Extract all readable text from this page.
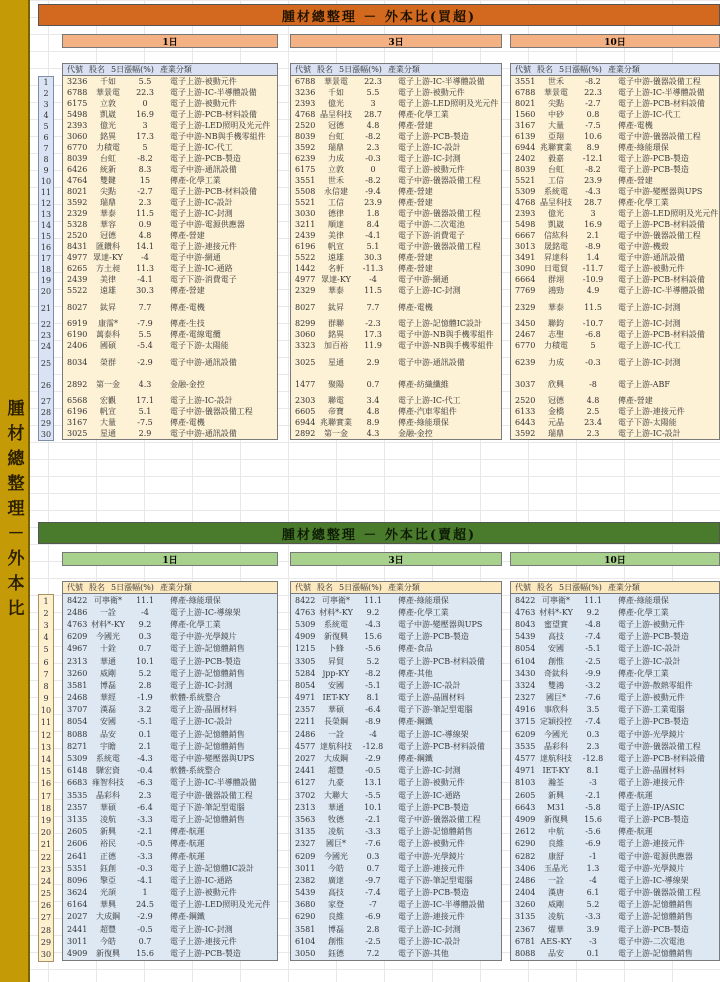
腫材總整理－外本比
腫材總整理 － 外本比(買超)
腫材總整理 － 外本比(賣超)
1日	3日	10日
1
2
3
4
5
6
7
8
9
10
11
12
13
14
15
16
17
18
19
20
21
22
23
24
25
26
27
28
29
30
代號 股名 5日漲幅(%) 產業分類
3236	千如	5.5	電子上游-被動元件
6788	華景電	22.3	電子上游-IC-半導體設備
6175	立敦	0	電子上游-被動元件
5498	凱崴	16.9	電子上游-PCB-材料設備
2393	億光	3	電子上游-LED照明及光元件
3060	銘異	17.3	電子中游-NB與手機零組件
6770	力積電	5	電子上游-IC-代工
8039	台虹	-8.2	電子上游-PCB-製造
6426	統新	8.3	電子中游-通訊設備
4764	雙鍵	15	傳產-化學工業
8021	尖點	-2.7	電子上游-PCB-材料設備
3592	瑞鼎	2.3	電子上游-IC-設計
2329	華泰	11.5	電子上游-IC-封測
5328	華容	0.9	電子中游-電源供應器
2520	冠德	4.8	傳產-營建
8431	匯鑽科	14.1	電子上游-連接元件
4977 眾達-KY	-4	電子中游-網通
6265	方土昶	11.3	電子上游-IC-通路
2439	美律	-4.1	電子下游-消費電子
5522	遠雄	30.3	傳產-營建
8027	鈦昇	7.7	傳產-電機
6919	康霈*	-7.9	傳產-生技
6190	萬泰科	5.5	傳產-電線電纜
2406	國碩	-5.4	電子下游-太陽能
8034	榮群	-2.9	電子中游-通訊設備
2892	第一金	4.3	金融-金控
6568	宏觀	17.1	電子上游-IC-設計
6196	帆宣	5.1	電子中游-儀器設備工程
3167	大量	-7.5	傳產-電機
3025	星通	2.9	電子中游-通訊設備
代號 股名 5日漲幅(%) 產業分類
6788	華景電	22.3	電子上游-IC-半導體設備
3236	千如	5.5	電子上游-被動元件
2393	億光	3	電子上游-LED照明及光元件
4768 晶呈科技	28.7	傳產-化學工業
2520	冠德	4.8	傳產-營建
8039	台虹	-8.2	電子上游-PCB-製造
3592	瑞鼎	2.3	電子上游-IC-設計
6239	力成	-0.3	電子上游-IC-封測
6175	立敦	0	電子上游-被動元件
3551	世禾	-8.2	電子中游-儀器設備工程
5508	永信建	-9.4	傳產-營建
5521	工信	23.9	傳產-營建
3030	德律	1.8	電子中游-儀器設備工程
3211	順達	8.4	電子中游-二次電池
2439	美律	-4.1	電子下游-消費電子
6196	帆宣	5.1	電子中游-儀器設備工程
5522	遠雄	30.3	傳產-營建
1442	名軒	-11.3	傳產-營建
4977 眾達-KY	-4	電子中游-網通
2329	華泰	11.5	電子上游-IC-封測
8027	鈦昇	7.7	傳產-電機
8299	群聯	-2.3	電子上游-記憶體IC設計
3060	銘異	17.3	電子中游-NB與手機零組件
3323	加百裕	11.9	電子中游-NB與手機零組件
3025	星通	2.9	電子中游-通訊設備
1477	聚陽	0.7	傳產-紡織纖維
2303	聯電	3.4	電子上游-IC-代工
6605	帝寶	4.8	傳產-汽車零組件
6944 兆聯實業	8.9	傳產-綠能環保
2892	第一金	4.3	金融-金控
代號 股名 5日漲幅(%) 產業分類
3551	世禾	-8.2	電子中游-儀器設備工程
6788	華景電	22.3	電子上游-IC-半導體設備
8021	尖點	-2.7	電子上游-PCB-材料設備
1560	中砂	0.8	電子上游-IC-代工
3167	大量	-7.5	傳產-電機
6139	亞翔	10.6	電子中游-儀器設備工程
6944 兆聯實業	8.9	傳產-綠能環保
2402	毅嘉	-12.1	電子上游-PCB-製造
8039	台虹	-8.2	電子上游-PCB-製造
5521	工信	23.9	傳產-營建
5309	系統電	-4.3	電子中游-變壓器與UPS
4768 晶呈科技	28.7	傳產-化學工業
2393	億光	3	電子上游-LED照明及光元件
5498	凱崴	16.9	電子上游-PCB-材料設備
6667	信紘科	2.1	電子中游-儀器設備工程
3013	晟銘電	-8.9	電子中游-機殼
3491	昇達科	1.4	電子中游-通訊設備
3090	日電貿	-11.7	電子上游-被動元件
6664	群翊	-10.9	電子上游-PCB-材料設備
7769	鴻勁	4.9	電子上游-IC-半導體設備
2329	華泰	11.5	電子上游-IC-封測
3450	聯鈞	-10.7	電子上游-IC-封測
2467	志聖	-6.8	電子上游-PCB-材料設備
6770	力積電	5	電子上游-IC-代工
6239	力成	-0.3	電子上游-IC-封測
3037	欣興	-8	電子上游-ABF
2520	冠德	4.8	傳產-營建
6133	金橋	2.5	電子上游-連接元件
6443	元晶	23.4	電子下游-太陽能
3592	瑞鼎	2.3	電子上游-IC-設計
1日	3日	10日
1
2
3
4
5
6
7
8
9
10
11
12
13
14
15
16
17
18
19
20
21
22
23
24
25
26
27
28
29
30
代號 股名 5日漲幅(%) 產業分類
8422 可寧衛*	11.1	傳產-綠能環保
2486	一詮	-4	電子上游-IC-導線架
4763 材料*-KY	9.2	傳產-化學工業
6209	今國光	0.3	電子中游-光學鏡片
4967	十銓	0.7	電子上游-記憶體銷售
2313	華通	10.1	電子上游-PCB-製造
3260	威剛	5.2	電子上游-記憶體銷售
3581	博磊	2.8	電子上游-IC-封測
2468	華經	-1.9	軟體-系統整合
3707	漢磊	3.2	電子上游-晶圓材料
8054	安國	-5.1	電子上游-IC-設計
8088	品安	0.1	電子上游-記憶體銷售
8271	宇瞻	2.1	電子上游-記憶體銷售
5309	系統電	-4.3	電子中游-變壓器與UPS
6148	驊宏資	-0.4	軟體-系統整合
6683 雍智科技	-6.3	電子上游-IC-半導體設備
3535	晶彩科	2.3	電子中游-儀器設備工程
2357	華碩	-6.4	電子下游-筆記型電腦
3135	凌航	-3.3	電子上游-記憶體銷售
2605	新興	-2.1	傳產-航運
2606	裕民	-0.5	傳產-航運
2641	正德	-3.3	傳產-航運
5351	鈺創	-0.3	電子上游-記憶體IC設計
8096	擎亞	-4.1	電子上游-IC-通路
3624	光頡	1	電子上游-被動元件
6164	華興	24.5	電子上游-LED照明及光元件
2027	大成鋼	-2.9	傳產-鋼鐵
2441	超豐	-0.5	電子上游-IC-封測
3011	今皓	0.7	電子上游-連接元件
4909	新復興	15.6	電子上游-PCB-製造
代號 股名 5日漲幅(%) 產業分類
8422 可寧衛*	11.1	傳產-綠能環保
4763 材料*-KY	9.2	傳產-化學工業
5309	系統電	-4.3	電子中游-變壓器與UPS
4909	新復興	15.6	電子上游-PCB-製造
1215	卜蜂	-5.6	傳產-食品
3305	昇貿	5.2	電子上游-PCB-材料設備
5284 jpp-KY	-8.2	傳產-其他
8054	安國	-5.1	電子上游-IC-設計
4971 IET-KY	8.1	電子上游-晶圓材料
2357	華碩	-6.4	電子下游-筆記型電腦
2211	長榮鋼	-8.9	傳產-鋼鐵
2486	一詮	-4	電子上游-IC-導線架
4577 達航科技	-12.8	電子上游-PCB-材料設備
2027	大成鋼	-2.9	傳產-鋼鐵
2441	超豐	-0.5	電子上游-IC-封測
6127	九豪	13.1	電子上游-被動元件
3702	大聯大	-5.5	電子上游-IC-通路
2313	華通	10.1	電子上游-PCB-製造
3563	牧德	-2.1	電子中游-儀器設備工程
3135	凌航	-3.3	電子上游-記憶體銷售
2327	國巨*	-7.6	電子上游-被動元件
6209	今國光	0.3	電子中游-光學鏡片
3011	今皓	0.7	電子上游-連接元件
2382	廣達	-9.7	電子下游-筆記型電腦
5439	高技	-7.4	電子上游-PCB-製造
3680	家登	-7	電子上游-IC-半導體設備
6290	良維	-6.9	電子上游-連接元件
3581	博磊	2.8	電子上游-IC-封測
6104	創惟	-2.5	電子上游-IC-設計
3050	鈺德	7.2	電子下游-其他
代號 股名 5日漲幅(%) 產業分類
8422 可寧衛*	11.1	傳產-綠能環保
4763 材料*-KY	9.2	傳產-化學工業
8043	蜜望實	-4.8	電子上游-被動元件
5439	高技	-7.4	電子上游-PCB-製造
8054	安國	-5.1	電子上游-IC-設計
6104	創惟	-2.5	電子上游-IC-設計
3430	奇鈦科	-9.9	傳產-化學工業
3324	雙鴻	-3.2	電子中游-散熱零組件
2327	國巨*	-7.6	電子上游-被動元件
4916	事欣科	3.5	電子下游-工業電腦
3715 定穎投控	-7.4	電子上游-PCB-製造
6209	今國光	0.3	電子中游-光學鏡片
3535	晶彩科	2.3	電子中游-儀器設備工程
4577 達航科技	-12.8	電子上游-PCB-材料設備
4971 IET-KY	8.1	電子上游-晶圓材料
8103	瀚荃	-3	電子上游-連接元件
2605	新興	-2.1	傳產-航運
6643	M31	-5.8	電子上游-IP/ASIC
4909	新復興	15.6	電子上游-PCB-製造
2612	中航	-5.6	傳產-航運
6290	良維	-6.9	電子上游-連接元件
6282	康舒	-1	電子中游-電源供應器
3406	玉晶光	1.3	電子中游-光學鏡片
2486	一詮	-4	電子上游-IC-導線架
2404	漢唐	6.1	電子中游-儀器設備工程
3260	威剛	5.2	電子上游-記憶體銷售
3135	凌航	-3.3	電子上游-記憶體銷售
2367	燿華	3.9	電子上游-PCB-製造
6781 AES-KY	-3	電子中游-二次電池
8088	品安	0.1	電子上游-記憶體銷售
